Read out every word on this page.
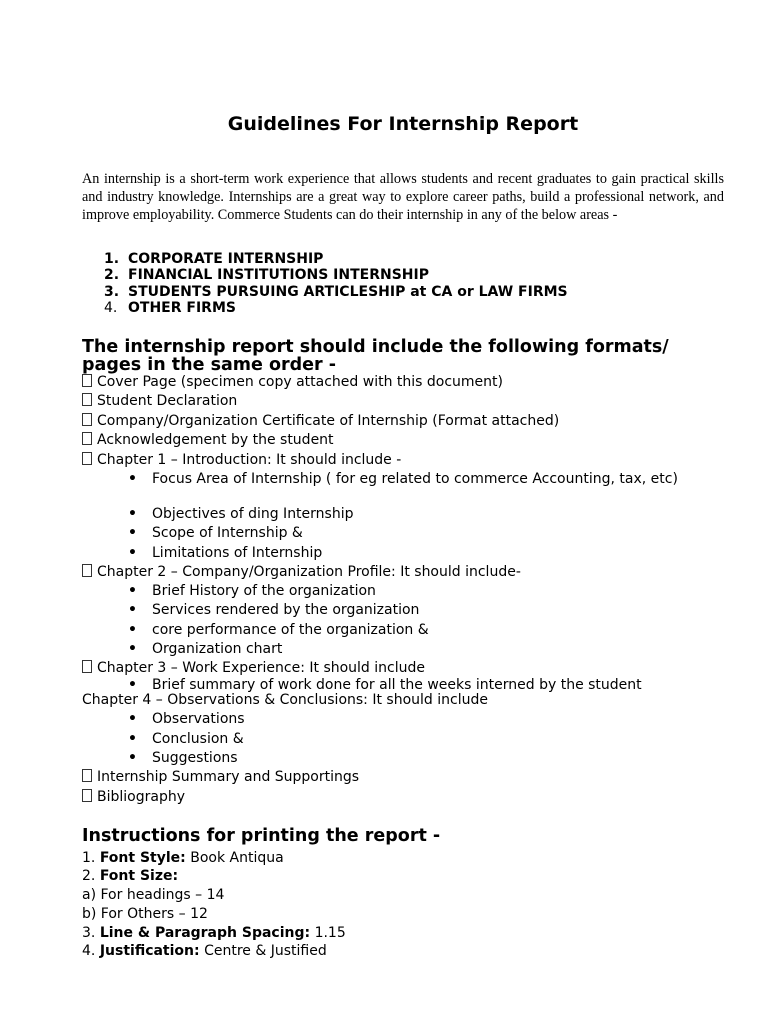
Guidelines For Internship Report
An internship is a short-term work experience that allows students and recent graduates to gain practical skills and industry knowledge. Internships are a great way to explore career paths, build a professional network, and improve employability. Commerce Students can do their internship in any of the below areas -
1. CORPORATE INTERNSHIP
2. FINANCIAL INSTITUTIONS INTERNSHIP
3. STUDENTS PURSUING ARTICLESHIP at CA or LAW FIRMS
4. OTHER FIRMS
The internship report should include the following formats/
pages in the same order -
Cover Page (specimen copy attached with this document)
Student Declaration
Company/Organization Certificate of Internship (Format attached)
Acknowledgement by the student
Chapter 1 – Introduction: It should include -
• Focus Area of Internship ( for eg related to commerce Accounting, tax, etc)
• Objectives of ding Internship
• Scope of Internship &
• Limitations of Internship
Chapter 2 – Company/Organization Profile: It should include-
• Brief History of the organization
• Services rendered by the organization
• core performance of the organization &
• Organization chart
Chapter 3 – Work Experience: It should include
• Brief summary of work done for all the weeks interned by the student
Chapter 4 – Observations & Conclusions: It should include
• Observations
• Conclusion &
• Suggestions
Internship Summary and Supportings
Bibliography
Instructions for printing the report -
1. Font Style: Book Antiqua
2. Font Size:
a) For headings – 14
b) For Others – 12
3. Line & Paragraph Spacing: 1.15
4. Justification: Centre & Justified
